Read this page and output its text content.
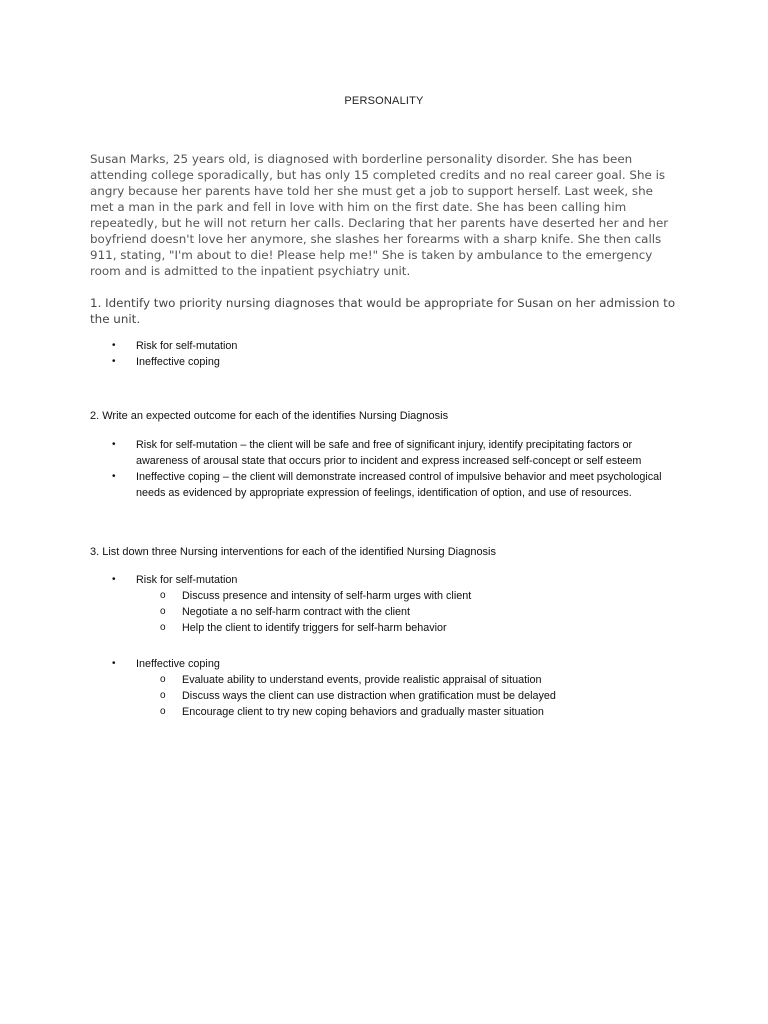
PERSONALITY

Susan Marks, 25 years old, is diagnosed with borderline personality disorder. She has been attending college sporadically, but has only 15 completed credits and no real career goal. She is angry because her parents have told her she must get a job to support herself. Last week, she met a man in the park and fell in love with him on the first date. She has been calling him repeatedly, but he will not return her calls. Declaring that her parents have deserted her and her boyfriend doesn't love her anymore, she slashes her forearms with a sharp knife. She then calls 911, stating, "I'm about to die! Please help me!" She is taken by ambulance to the emergency room and is admitted to the inpatient psychiatry unit.

1. Identify two priority nursing diagnoses that would be appropriate for Susan on her admission to the unit.

• Risk for self-mutation
• Ineffective coping

2. Write an expected outcome for each of the identifies Nursing Diagnosis

• Risk for self-mutation – the client will be safe and free of significant injury, identify precipitating factors or awareness of arousal state that occurs prior to incident and express increased self-concept or self esteem
• Ineffective coping – the client will demonstrate increased control of impulsive behavior and meet psychological needs as evidenced by appropriate expression of feelings, identification of option, and use of resources.

3. List down three Nursing interventions for each of the identified Nursing Diagnosis

• Risk for self-mutation
o Discuss presence and intensity of self-harm urges with client
o Negotiate a no self-harm contract with the client
o Help the client to identify triggers for self-harm behavior
• Ineffective coping
o Evaluate ability to understand events, provide realistic appraisal of situation
o Discuss ways the client can use distraction when gratification must be delayed
o Encourage client to try new coping behaviors and gradually master situation
